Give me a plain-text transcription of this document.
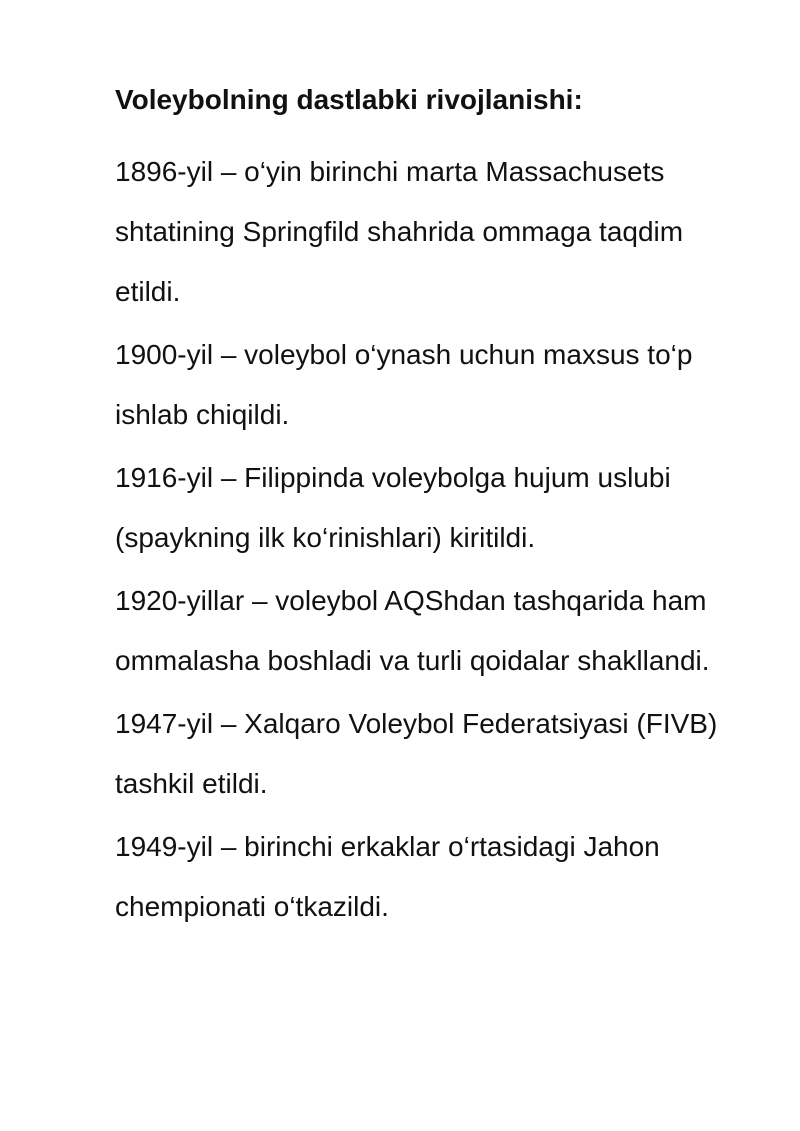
Voleybolning dastlabki rivojlanishi:

1896-yil – o‘yin birinchi marta Massachusets shtatining Springfild shahrida ommaga taqdim etildi.

1900-yil – voleybol o‘ynash uchun maxsus to‘p ishlab chiqildi.

1916-yil – Filippinda voleybolga hujum uslubi (spaykning ilk ko‘rinishlari) kiritildi.

1920-yillar – voleybol AQShdan tashqarida ham ommalasha boshladi va turli qoidalar shakllandi.

1947-yil – Xalqaro Voleybol Federatsiyasi (FIVB) tashkil etildi.

1949-yil – birinchi erkaklar o‘rtasidagi Jahon chempionati o‘tkazildi.
